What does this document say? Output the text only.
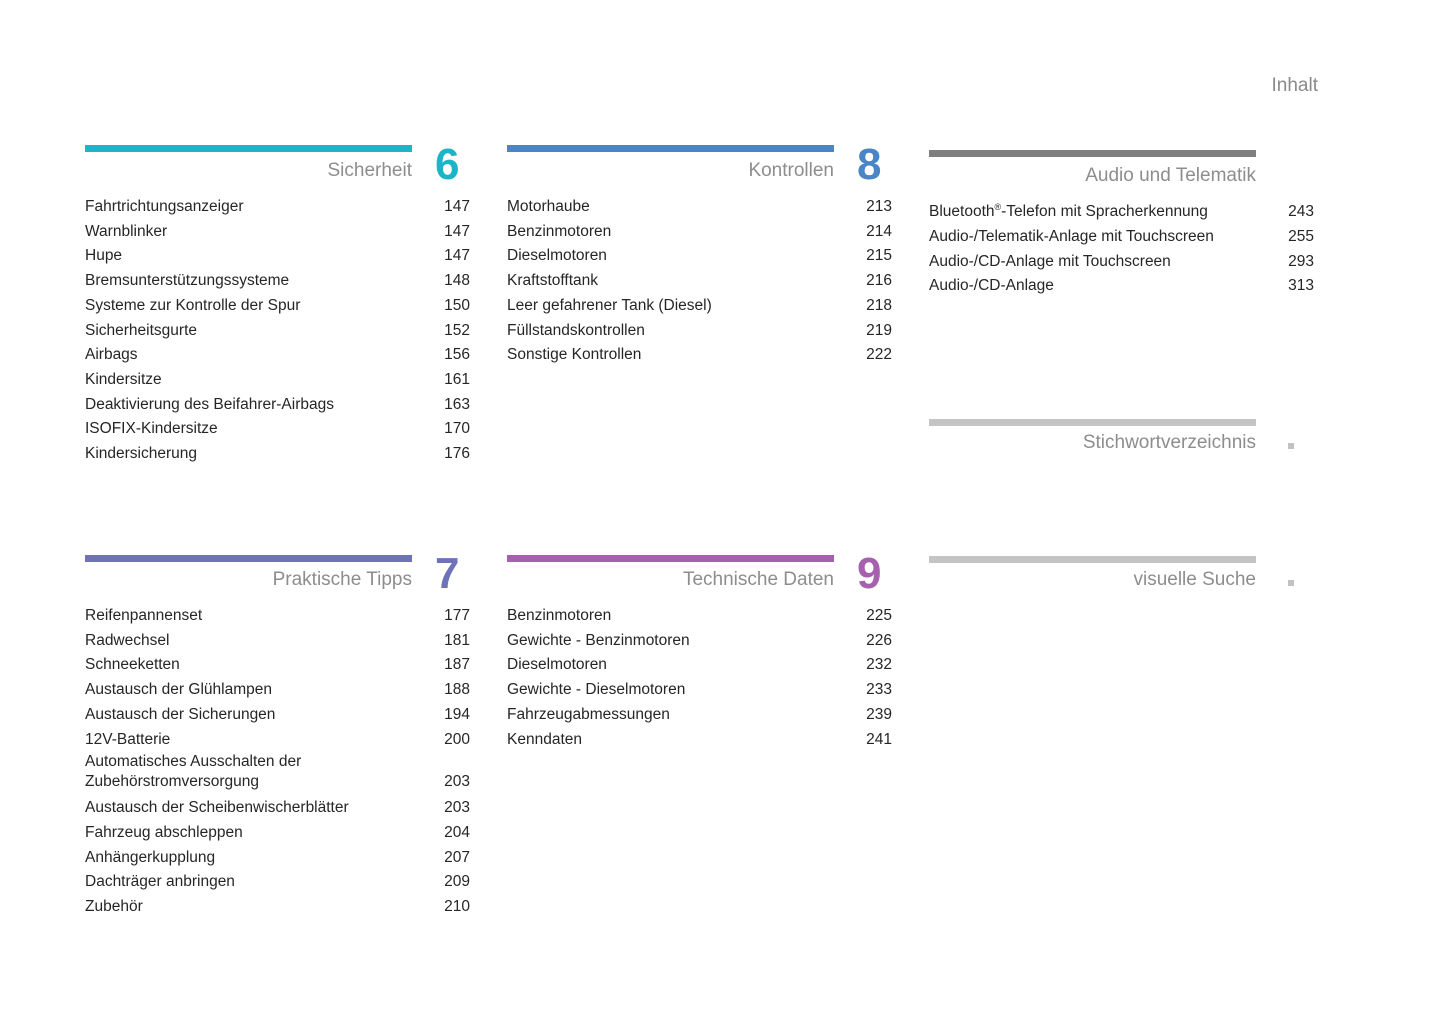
Inhalt
Sicherheit 6
Fahrtrichtungsanzeiger	147
Warnblinker	147
Hupe	147
Bremsunterstützungssysteme	148
Systeme zur Kontrolle der Spur	150
Sicherheitsgurte	152
Airbags	156
Kindersitze	161
Deaktivierung des Beifahrer-Airbags	163
ISOFIX-Kindersitze	170
Kindersicherung	176
Kontrollen 8
Motorhaube	213
Benzinmotoren	214
Dieselmotoren	215
Kraftstofftank	216
Leer gefahrener Tank (Diesel)	218
Füllstandskontrollen	219
Sonstige Kontrollen	222
Audio und Telematik
Bluetooth®-Telefon mit Spracherkennung	243
Audio-/Telematik-Anlage mit Touchscreen	255
Audio-/CD-Anlage mit Touchscreen	293
Audio-/CD-Anlage	313
Stichwortverzeichnis
Praktische Tipps 7
Reifenpannenset	177
Radwechsel	181
Schneeketten	187
Austausch der Glühlampen	188
Austausch der Sicherungen	194
12V-Batterie	200
Automatisches Ausschalten der Zubehörstromversorgung	203
Austausch der Scheibenwischerblätter	203
Fahrzeug abschleppen	204
Anhängerkupplung	207
Dachträger anbringen	209
Zubehör	210
Technische Daten 9
Benzinmotoren	225
Gewichte - Benzinmotoren	226
Dieselmotoren	232
Gewichte - Dieselmotoren	233
Fahrzeugabmessungen	239
Kenndaten	241
visuelle Suche
